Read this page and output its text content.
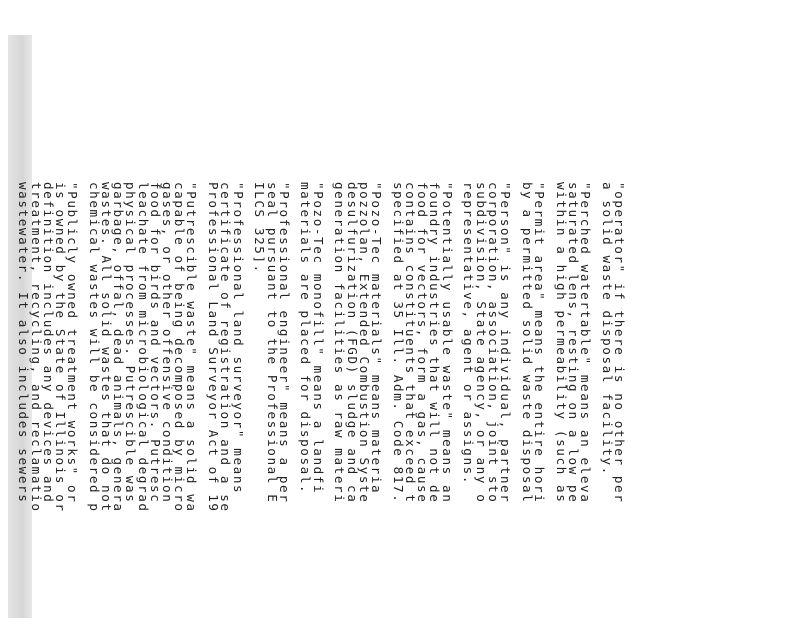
"operator" if there is no other per
a solid waste disposal facility.
"Perched watertable" means an eleva
saturated lens, resting on a low pe
within a high permeability (such as
"Permit area" means the entire hori
by a permitted solid waste disposal
"Person" is any individual, partner
corporation, association, joint sto
subdivision, State agency, or any o
representative, agent or assigns.
"Potentially usable waste" means an
foundry industries that will not de
food for vectors, form a gas, cause
contains constituents that exceed t
specified at 35 Ill. Adm. Code 817.
"Pozo-Tec materials" means materia
pozzolan, Extended Combustion Syste
desulfurization (FGD) sludge and ca
generation facilities as raw materi
"Pozo-Tec monofill" means a landfi
materials are placed for disposal.
"Professional engineer" means a per
seal pursuant to the Professional E
ILCS 325].
"Professional land surveyor" means
certificate of registration and a se
Professional Land Surveyor Act of 19
"Putrescible waste" means a solid wa
capable of being decomposed by micro
gases, or other offensive condition
food for birds and vectors. Putresc
leachate from microbiological degrad
physical processes. Putrescible was
garbage, offal, dead animals, genera
wastes. All solid wastes that do not
chemical wastes will be considered p
"Publicly owned treatment works" or
is owned by the State of Illinois or
definition includes any devices and
treatment, recycling, and reclamatio
wastewater. It also includes sewers
